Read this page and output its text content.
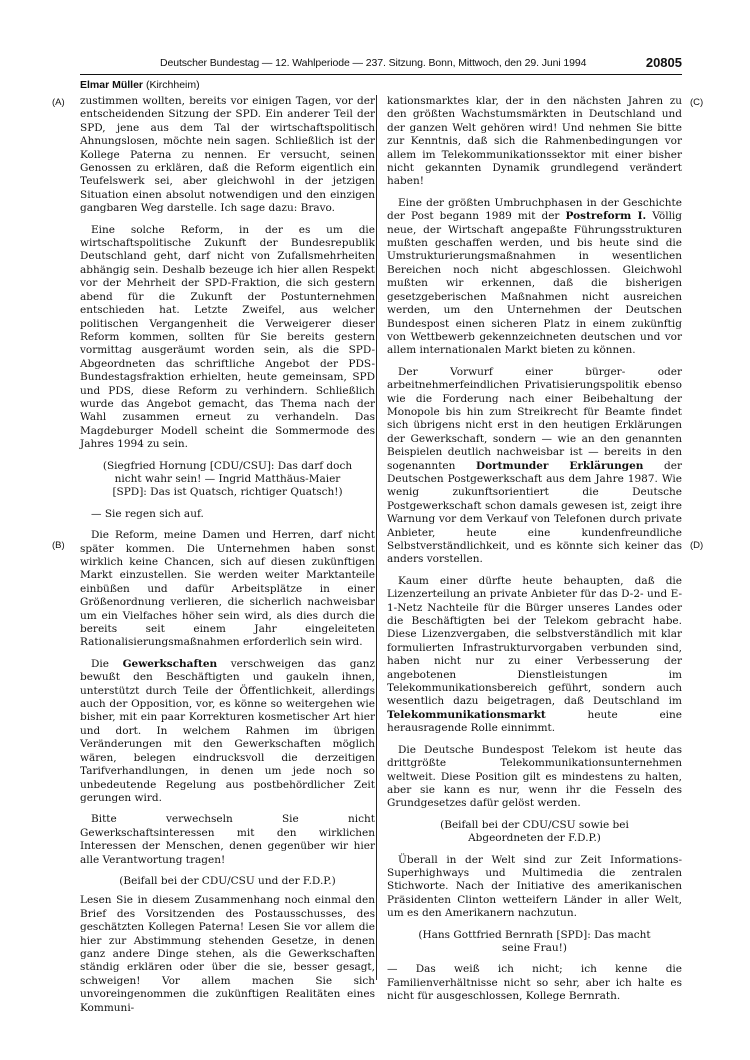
Deutscher Bundestag — 12. Wahlperiode — 237. Sitzung. Bonn, Mittwoch, den 29. Juni 1994	20805
Elmar Müller (Kirchheim)
(A)
(B)
(C)
(D)

zustimmen wollten, bereits vor einigen Tagen, vor der entscheidenden Sitzung der SPD. Ein anderer Teil der SPD, jene aus dem Tal der wirtschaftspolitisch Ahnungslosen, möchte nein sagen. Schließlich ist der Kollege Paterna zu nennen. Er versucht, seinen Genossen zu erklären, daß die Reform eigentlich ein Teufelswerk sei, aber gleichwohl in der jetzigen Situation einen absolut notwendigen und den einzigen gangbaren Weg darstelle. Ich sage dazu: Bravo.

Eine solche Reform, in der es um die wirtschaftspolitische Zukunft der Bundesrepublik Deutschland geht, darf nicht von Zufallsmehrheiten abhängig sein. Deshalb bezeuge ich hier allen Respekt vor der Mehrheit der SPD-Fraktion, die sich gestern abend für die Zukunft der Postunternehmen entschieden hat. Letzte Zweifel, aus welcher politischen Vergangenheit die Verweigerer dieser Reform kommen, sollten für Sie bereits gestern vormittag ausgeräumt worden sein, als die SPD-Abgeordneten das schriftliche Angebot der PDS-Bundestagsfraktion erhielten, heute gemeinsam, SPD und PDS, diese Reform zu verhindern. Schließlich wurde das Angebot gemacht, das Thema nach der Wahl zusammen erneut zu verhandeln. Das Magdeburger Modell scheint die Sommermode des Jahres 1994 zu sein.

(Siegfried Hornung [CDU/CSU]: Das darf doch nicht wahr sein! — Ingrid Matthäus-Maier [SPD]: Das ist Quatsch, richtiger Quatsch!)

— Sie regen sich auf.

Die Reform, meine Damen und Herren, darf nicht später kommen. Die Unternehmen haben sonst wirklich keine Chancen, sich auf diesen zukünftigen Markt einzustellen. Sie werden weiter Marktanteile einbüßen und dafür Arbeitsplätze in einer Größenordnung verlieren, die sicherlich nachweisbar um ein Vielfaches höher sein wird, als dies durch die bereits seit einem Jahr eingeleiteten Rationalisierungsmaßnahmen erforderlich sein wird.

Die Gewerkschaften verschweigen das ganz bewußt den Beschäftigten und gaukeln ihnen, unterstützt durch Teile der Öffentlichkeit, allerdings auch der Opposition, vor, es könne so weitergehen wie bisher, mit ein paar Korrekturen kosmetischer Art hier und dort. In welchem Rahmen im übrigen Veränderungen mit den Gewerkschaften möglich wären, belegen eindrucksvoll die derzeitigen Tarifverhandlungen, in denen um jede noch so unbedeutende Regelung aus postbehördlicher Zeit gerungen wird.

Bitte verwechseln Sie nicht Gewerkschaftsinteressen mit den wirklichen Interessen der Menschen, denen gegenüber wir hier alle Verantwortung tragen!

(Beifall bei der CDU/CSU und der F.D.P.)

Lesen Sie in diesem Zusammenhang noch einmal den Brief des Vorsitzenden des Postausschusses, des geschätzten Kollegen Paterna! Lesen Sie vor allem die hier zur Abstimmung stehenden Gesetze, in denen ganz andere Dinge stehen, als die Gewerkschaften ständig erklären oder über die sie, besser gesagt, schweigen! Vor allem machen Sie sich unvoreingenommen die zukünftigen Realitäten eines Kommuni-

kationsmarktes klar, der in den nächsten Jahren zu den größten Wachstumsmärkten in Deutschland und der ganzen Welt gehören wird! Und nehmen Sie bitte zur Kenntnis, daß sich die Rahmenbedingungen vor allem im Telekommunikationssektor mit einer bisher nicht gekannten Dynamik grundlegend verändert haben!

Eine der größten Umbruchphasen in der Geschichte der Post begann 1989 mit der Postreform I. Völlig neue, der Wirtschaft angepaßte Führungsstrukturen mußten geschaffen werden, und bis heute sind die Umstrukturierungsmaßnahmen in wesentlichen Bereichen noch nicht abgeschlossen. Gleichwohl mußten wir erkennen, daß die bisherigen gesetzgeberischen Maßnahmen nicht ausreichen werden, um den Unternehmen der Deutschen Bundespost einen sicheren Platz in einem zukünftig von Wettbewerb gekennzeichneten deutschen und vor allem internationalen Markt bieten zu können.

Der Vorwurf einer bürger- oder arbeitnehmerfeindlichen Privatisierungspolitik ebenso wie die Forderung nach einer Beibehaltung der Monopole bis hin zum Streikrecht für Beamte findet sich übrigens nicht erst in den heutigen Erklärungen der Gewerkschaft, sondern — wie an den genannten Beispielen deutlich nachweisbar ist — bereits in den sogenannten Dortmunder Erklärungen der Deutschen Postgewerkschaft aus dem Jahre 1987. Wie wenig zukunftsorientiert die Deutsche Postgewerkschaft schon damals gewesen ist, zeigt ihre Warnung vor dem Verkauf von Telefonen durch private Anbieter, heute eine kundenfreundliche Selbstverständlichkeit, und es könnte sich keiner das anders vorstellen.

Kaum einer dürfte heute behaupten, daß die Lizenzerteilung an private Anbieter für das D-2- und E-1-Netz Nachteile für die Bürger unseres Landes oder die Beschäftigten bei der Telekom gebracht habe. Diese Lizenzvergaben, die selbstverständlich mit klar formulierten Infrastrukturvorgaben verbunden sind, haben nicht nur zu einer Verbesserung der angebotenen Dienstleistungen im Telekommunikationsbereich geführt, sondern auch wesentlich dazu beigetragen, daß Deutschland im Telekommunikationsmarkt heute eine herausragende Rolle einnimmt.

Die Deutsche Bundespost Telekom ist heute das drittgrößte Telekommunikationsunternehmen weltweit. Diese Position gilt es mindestens zu halten, aber sie kann es nur, wenn ihr die Fesseln des Grundgesetzes dafür gelöst werden.

(Beifall bei der CDU/CSU sowie bei Abgeordneten der F.D.P.)

Überall in der Welt sind zur Zeit Informations-Superhighways und Multimedia die zentralen Stichworte. Nach der Initiative des amerikanischen Präsidenten Clinton wetteifern Länder in aller Welt, um es den Amerikanern nachzutun.

(Hans Gottfried Bernrath [SPD]: Das macht seine Frau!)

— Das weiß ich nicht; ich kenne die Familienverhältnisse nicht so sehr, aber ich halte es nicht für ausgeschlossen, Kollege Bernrath.
